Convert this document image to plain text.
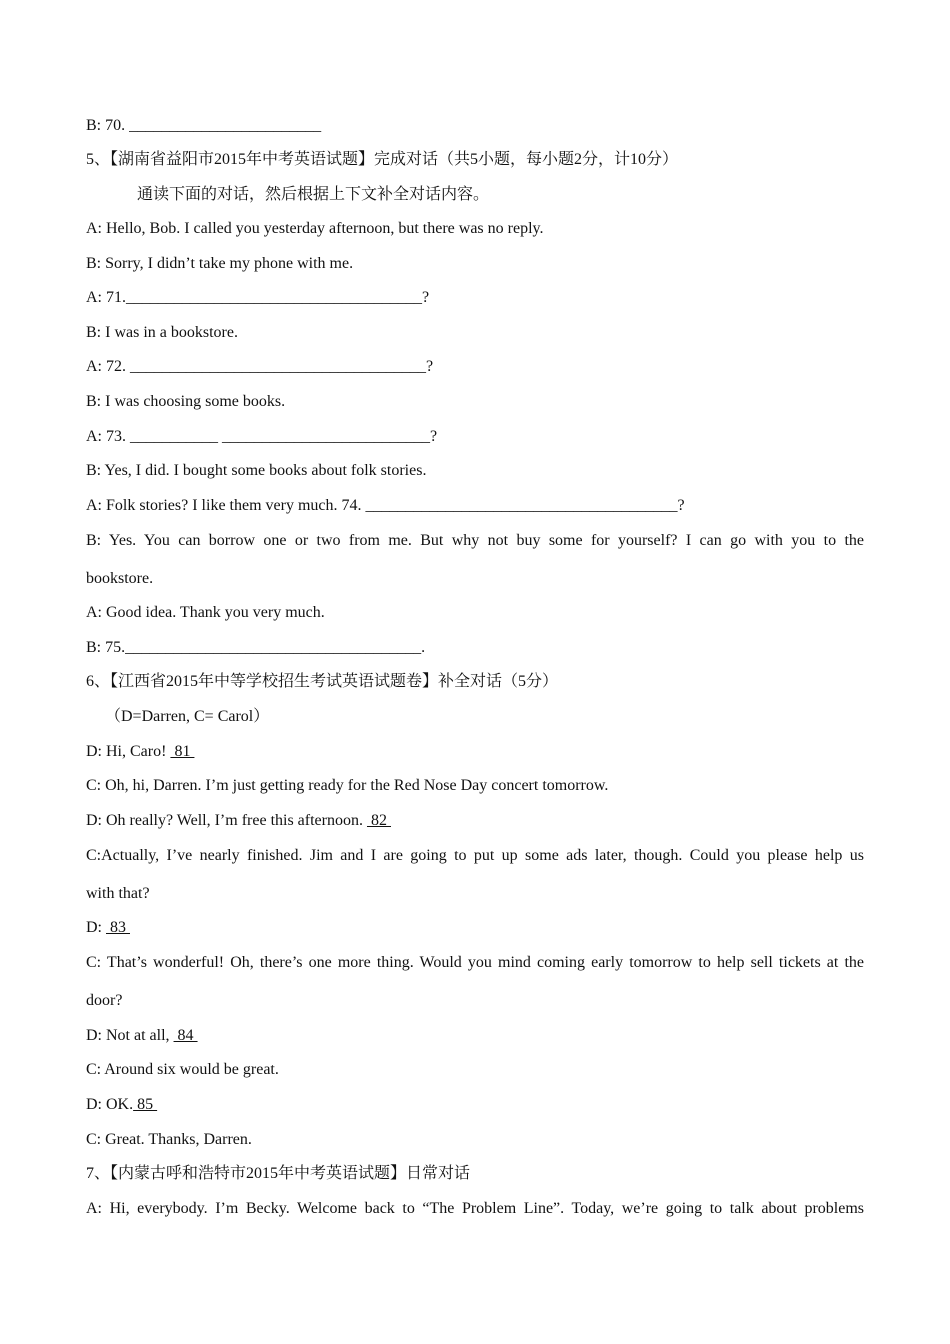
B: 70. ________________________
5、【湖南省益阳市2015年中考英语试题】完成对话（共5小题，每小题2分，计10分）
通读下面的对话，然后根据上下文补全对话内容。
A: Hello, Bob. I called you yesterday afternoon, but there was no reply.
B: Sorry, I didn’t take my phone with me.
A: 71._____________________________________?
B: I was in a bookstore.
A: 72. _____________________________________?
B: I was choosing some books.
A: 73. ___________ __________________________?
B: Yes, I did. I bought some books about folk stories.
A: Folk stories? I like them very much. 74. _______________________________________?
B: Yes. You can borrow one or two from me. But why not buy some for yourself? I can go with you to the
bookstore.
A: Good idea. Thank you very much.
B: 75._____________________________________.
6、【江西省2015年中等学校招生考试英语试题卷】补全对话（5分）
（D=Darren, C= Carol）
D: Hi, Caro!  81
C: Oh, hi, Darren. I’m just getting ready for the Red Nose Day concert tomorrow.
D: Oh really? Well, I’m free this afternoon.  82
C:Actually, I’ve nearly finished. Jim and I are going to put up some ads later, though. Could you please help us
with that?
D:  83
C: That’s wonderful! Oh, there’s one more thing. Would you mind coming early tomorrow to help sell tickets at the
door?
D: Not at all,  84
C: Around six would be great.
D: OK. 85
C: Great. Thanks, Darren.
7、【内蒙古呼和浩特市2015年中考英语试题】日常对话
A: Hi, everybody. I’m Becky. Welcome back to “The Problem Line”. Today, we’re going to talk about problems
